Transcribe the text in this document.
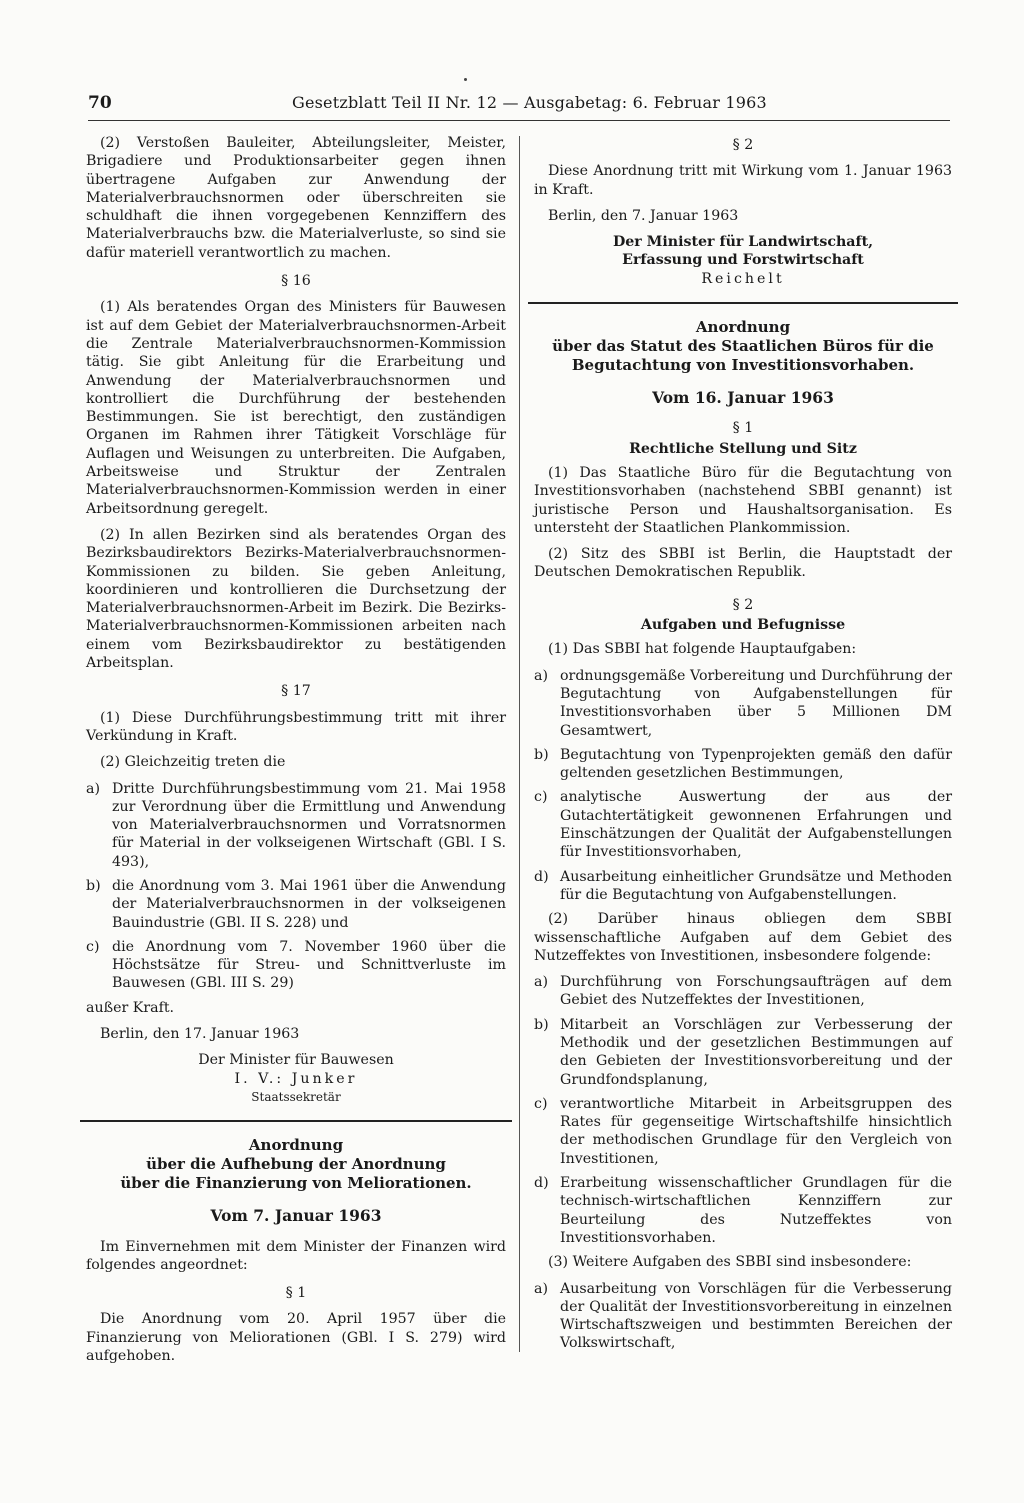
70	Gesetzblatt Teil II Nr. 12 — Ausgabetag: 6. Februar 1963

(2) Verstoßen Bauleiter, Abteilungsleiter, Meister, Brigadiere und Produktionsarbeiter gegen ihnen übertragene Aufgaben zur Anwendung der Materialverbrauchsnormen oder überschreiten sie schuldhaft die ihnen vorgegebenen Kennziffern des Materialverbrauchs bzw. die Materialverluste, so sind sie dafür materiell verantwortlich zu machen.

§ 16

(1) Als beratendes Organ des Ministers für Bauwesen ist auf dem Gebiet der Materialverbrauchsnormen-Arbeit die Zentrale Materialverbrauchsnormen-Kommission tätig. Sie gibt Anleitung für die Erarbeitung und Anwendung der Materialverbrauchsnormen und kontrolliert die Durchführung der bestehenden Bestimmungen. Sie ist berechtigt, den zuständigen Organen im Rahmen ihrer Tätigkeit Vorschläge für Auflagen und Weisungen zu unterbreiten. Die Aufgaben, Arbeitsweise und Struktur der Zentralen Materialverbrauchsnormen-Kommission werden in einer Arbeitsordnung geregelt.

(2) In allen Bezirken sind als beratendes Organ des Bezirksbaudirektors Bezirks-Materialverbrauchsnormen-Kommissionen zu bilden. Sie geben Anleitung, koordinieren und kontrollieren die Durchsetzung der Materialverbrauchsnormen-Arbeit im Bezirk. Die Bezirks-Materialverbrauchsnormen-Kommissionen arbeiten nach einem vom Bezirksbaudirektor zu bestätigenden Arbeitsplan.

§ 17

(1) Diese Durchführungsbestimmung tritt mit ihrer Verkündung in Kraft.

(2) Gleichzeitig treten die

a) Dritte Durchführungsbestimmung vom 21. Mai 1958 zur Verordnung über die Ermittlung und Anwendung von Materialverbrauchsnormen und Vorratsnormen für Material in der volkseigenen Wirtschaft (GBl. I S. 493),
b) die Anordnung vom 3. Mai 1961 über die Anwendung der Materialverbrauchsnormen in der volkseigenen Bauindustrie (GBl. II S. 228) und
c) die Anordnung vom 7. November 1960 über die Höchstsätze für Streu- und Schnittverluste im Bauwesen (GBl. III S. 29)

außer Kraft.

Berlin, den 17. Januar 1963

Der Minister für Bauwesen

I. V.: Junker

Staatssekretär

Anordnung

über die Aufhebung der Anordnung

über die Finanzierung von Meliorationen.

Vom 7. Januar 1963

Im Einvernehmen mit dem Minister der Finanzen wird folgendes angeordnet:

§ 1

Die Anordnung vom 20. April 1957 über die Finanzierung von Meliorationen (GBl. I S. 279) wird aufgehoben.

§ 2

Diese Anordnung tritt mit Wirkung vom 1. Januar 1963 in Kraft.

Berlin, den 7. Januar 1963

Der Minister für Landwirtschaft,

Erfassung und Forstwirtschaft

Reichelt

Anordnung

über das Statut des Staatlichen Büros für die

Begutachtung von Investitionsvorhaben.

Vom 16. Januar 1963
§ 1
Rechtliche Stellung und Sitz

(1) Das Staatliche Büro für die Begutachtung von Investitionsvorhaben (nachstehend SBBI genannt) ist juristische Person und Haushaltsorganisation. Es untersteht der Staatlichen Plankommission.

(2) Sitz des SBBI ist Berlin, die Hauptstadt der Deutschen Demokratischen Republik.

§ 2
Aufgaben und Befugnisse

(1) Das SBBI hat folgende Hauptaufgaben:

a) ordnungsgemäße Vorbereitung und Durchführung der Begutachtung von Aufgabenstellungen für Investitionsvorhaben über 5 Millionen DM Gesamtwert,
b) Begutachtung von Typenprojekten gemäß den dafür geltenden gesetzlichen Bestimmungen,
c) analytische Auswertung der aus der Gutachtertätigkeit gewonnenen Erfahrungen und Einschätzungen der Qualität der Aufgabenstellungen für Investitionsvorhaben,
d) Ausarbeitung einheitlicher Grundsätze und Methoden für die Begutachtung von Aufgabenstellungen.

(2) Darüber hinaus obliegen dem SBBI wissenschaftliche Aufgaben auf dem Gebiet des Nutzeffektes von Investitionen, insbesondere folgende:

a) Durchführung von Forschungsaufträgen auf dem Gebiet des Nutzeffektes der Investitionen,
b) Mitarbeit an Vorschlägen zur Verbesserung der Methodik und der gesetzlichen Bestimmungen auf den Gebieten der Investitionsvorbereitung und der Grundfondsplanung,
c) verantwortliche Mitarbeit in Arbeitsgruppen des Rates für gegenseitige Wirtschaftshilfe hinsichtlich der methodischen Grundlage für den Vergleich von Investitionen,
d) Erarbeitung wissenschaftlicher Grundlagen für die technisch-wirtschaftlichen Kennziffern zur Beurteilung des Nutzeffektes von Investitionsvorhaben.

(3) Weitere Aufgaben des SBBI sind insbesondere:

a) Ausarbeitung von Vorschlägen für die Verbesserung der Qualität der Investitionsvorbereitung in einzelnen Wirtschaftszweigen und bestimmten Bereichen der Volkswirtschaft,
